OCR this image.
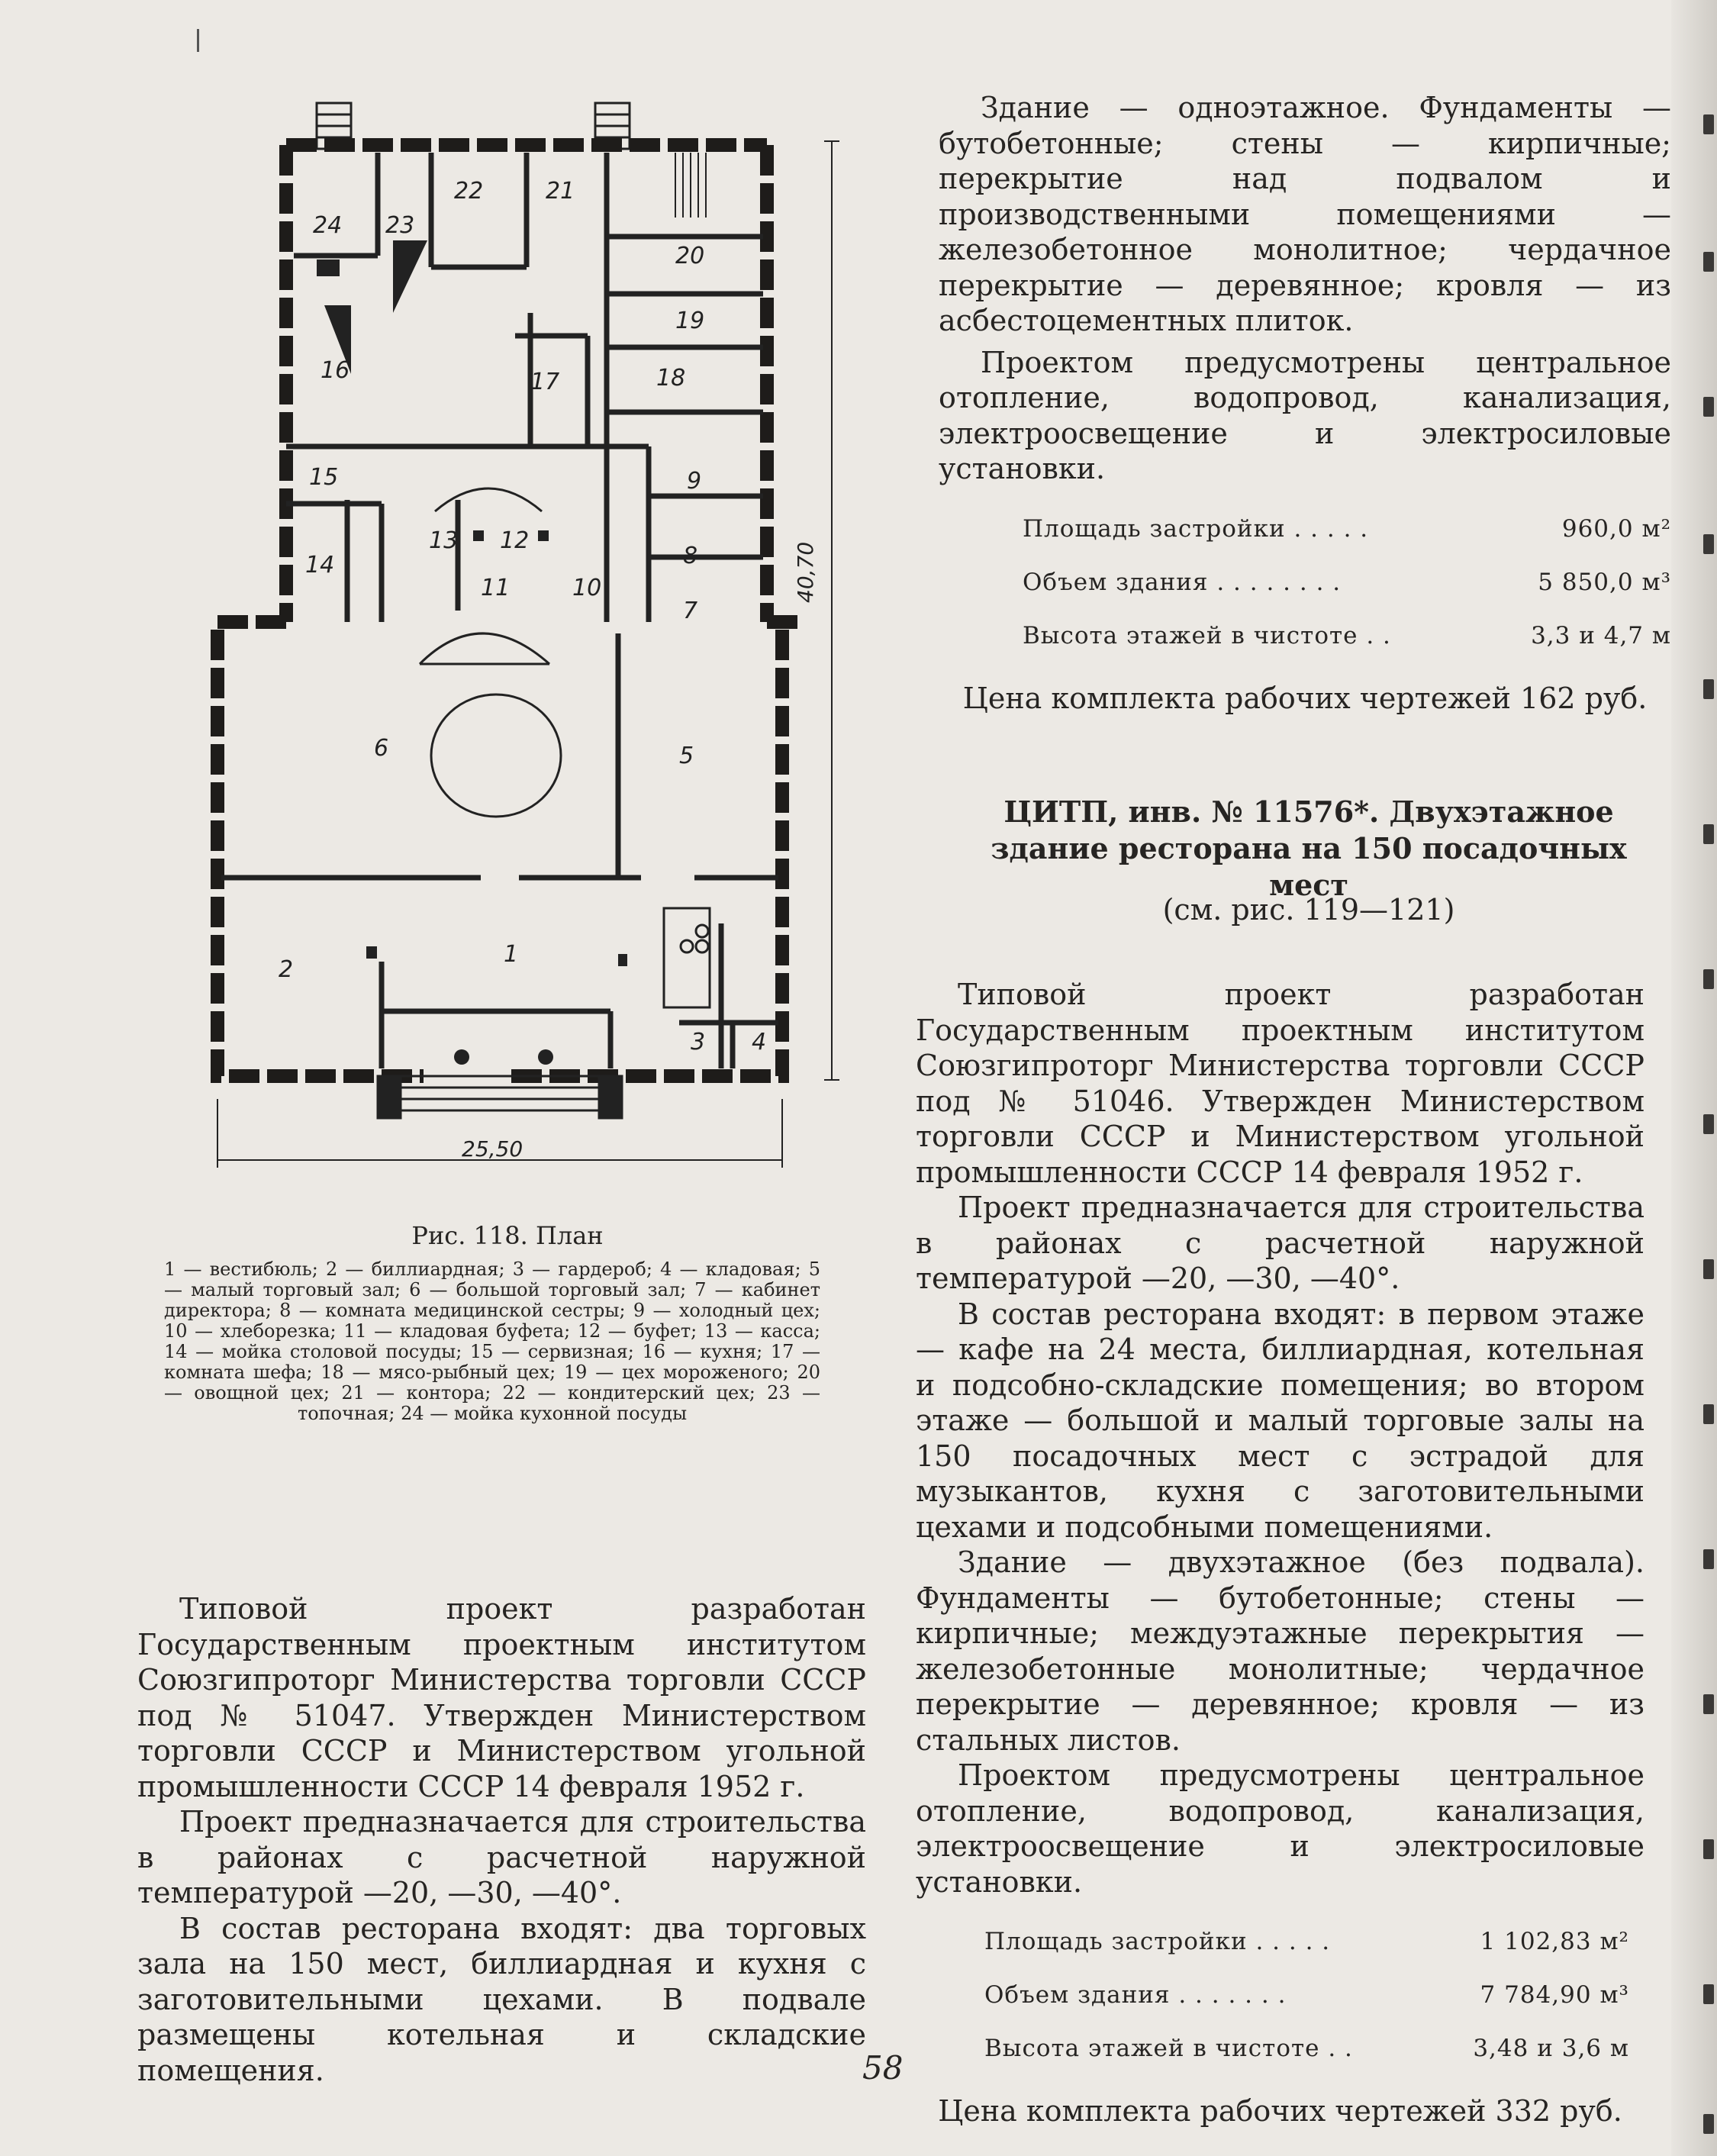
1
2
3 4
5
6
7
8
9
10
11
12
13
14
15
16	17	18
19
20
21
22
23
24
25,50
40,70
Рис. 118. План
1 — вестибюль; 2 — биллиардная; 3 — гардероб; 4 — кладовая; 5 — малый торговый зал; 6 — большой торговый зал; 7 — кабинет директора; 8 — комната медицинской сестры; 9 — холодный цех; 10 — хлеборезка; 11 — кладовая буфета; 12 — буфет; 13 — касса; 14 — мойка столовой посуды; 15 — сервизная; 16 — кухня; 17 — комната шефа; 18 — мясо-рыбный цех; 19 — цех мороженого; 20 — овощной цех; 21 — контора; 22 — кондитерский цех; 23 — топочная; 24 — мойка кухонной посуды

Здание — одноэтажное. Фундаменты — бутобетонные; стены — кирпичные; перекрытие над подвалом и производственными помещениями — железобетонное монолитное; чердачное перекрытие — деревянное; кровля — из асбестоцементных плиток.

Проектом предусмотрены центральное отопление, водопровод, канализация, электроосвещение и электросиловые установки.

Площадь застройки . . . . .	960,0 м²
Объем здания . . . . . . . .	5 850,0 м³
Высота этажей в чистоте . .	3,3 и 4,7 м

Цена комплекта рабочих чертежей 162 руб.

ЦИТП, инв. № 11576*. Двухэтажное здание ресторана на 150 посадочных мест
(см. рис. 119—121)

Типовой проект разработан Государственным проектным институтом Союзгипроторг Министерства торговли СССР под № 51046. Утвержден Министерством торговли СССР и Министерством угольной промышленности СССР 14 февраля 1952 г.

Проект предназначается для строительства в районах с расчетной наружной температурой —20, —30, —40°.

В состав ресторана входят: в первом этаже — кафе на 24 места, биллиардная, котельная и подсобно-складские помещения; во втором этаже — большой и малый торговые залы на 150 посадочных мест с эстрадой для музыкантов, кухня с заготовительными цехами и подсобными помещениями.

Здание — двухэтажное (без подвала). Фундаменты — бутобетонные; стены — кирпичные; междуэтажные перекрытия — железобетонные монолитные; чердачное перекрытие — деревянное; кровля — из стальных листов.

Проектом предусмотрены центральное отопление, водопровод, канализация, электроосвещение и электросиловые установки.

Площадь застройки . . . . .	1 102,83 м²
Объем здания . . . . . . .	7 784,90 м³
Высота этажей в чистоте . .	3,48 и 3,6 м

Цена комплекта рабочих чертежей 332 руб.

Типовой проект разработан Государственным проектным институтом Союзгипроторг Министерства торговли СССР под № 51047. Утвержден Министерством торговли СССР и Министерством угольной промышленности СССР 14 февраля 1952 г.

Проект предназначается для строительства в районах с расчетной наружной температурой —20, —30, —40°.

В состав ресторана входят: два торговых зала на 150 мест, биллиардная и кухня с заготовительными цехами. В подвале размещены котельная и складские помещения.	58
